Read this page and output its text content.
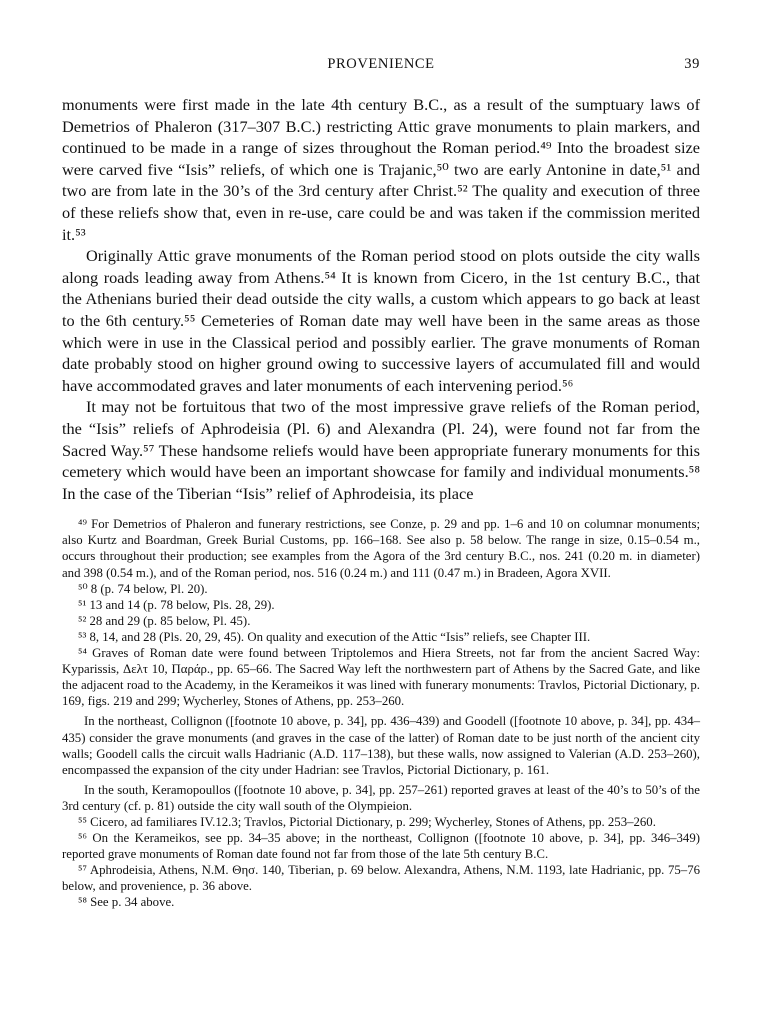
PROVENIENCE	39

monuments were first made in the late 4th century B.C., as a result of the sumptuary laws of Demetrios of Phaleron (317–307 B.C.) restricting Attic grave monuments to plain markers, and continued to be made in a range of sizes throughout the Roman period.⁴⁹ Into the broadest size were carved five “Isis” reliefs, of which one is Trajanic,⁵⁰ two are early Antonine in date,⁵¹ and two are from late in the 30’s of the 3rd century after Christ.⁵² The quality and execution of three of these reliefs show that, even in re-use, care could be and was taken if the commission merited it.⁵³

Originally Attic grave monuments of the Roman period stood on plots outside the city walls along roads leading away from Athens.⁵⁴ It is known from Cicero, in the 1st century B.C., that the Athenians buried their dead outside the city walls, a custom which appears to go back at least to the 6th century.⁵⁵ Cemeteries of Roman date may well have been in the same areas as those which were in use in the Classical period and possibly earlier. The grave monuments of Roman date probably stood on higher ground owing to successive layers of accumulated fill and would have accommodated graves and later monuments of each intervening period.⁵⁶

It may not be fortuitous that two of the most impressive grave reliefs of the Roman period, the “Isis” reliefs of Aphrodeisia (Pl. 6) and Alexandra (Pl. 24), were found not far from the Sacred Way.⁵⁷ These handsome reliefs would have been appropriate funerary monuments for this cemetery which would have been an important showcase for family and individual monuments.⁵⁸ In the case of the Tiberian “Isis” relief of Aphrodeisia, its place

⁴⁹ For Demetrios of Phaleron and funerary restrictions, see Conze, p. 29 and pp. 1–6 and 10 on columnar monuments; also Kurtz and Boardman, Greek Burial Customs, pp. 166–168. See also p. 58 below. The range in size, 0.15–0.54 m., occurs throughout their production; see examples from the Agora of the 3rd century B.C., nos. 241 (0.20 m. in diameter) and 398 (0.54 m.), and of the Roman period, nos. 516 (0.24 m.) and 111 (0.47 m.) in Bradeen, Agora XVII.

⁵⁰ 8 (p. 74 below, Pl. 20).

⁵¹ 13 and 14 (p. 78 below, Pls. 28, 29).

⁵² 28 and 29 (p. 85 below, Pl. 45).

⁵³ 8, 14, and 28 (Pls. 20, 29, 45). On quality and execution of the Attic “Isis” reliefs, see Chapter III.

⁵⁴ Graves of Roman date were found between Triptolemos and Hiera Streets, not far from the ancient Sacred Way: Kyparissis, Δελτ 10, Παράρ., pp. 65–66. The Sacred Way left the northwestern part of Athens by the Sacred Gate, and like the adjacent road to the Academy, in the Kerameikos it was lined with funerary monuments: Travlos, Pictorial Dictionary, p. 169, figs. 219 and 299; Wycherley, Stones of Athens, pp. 253–260.

In the northeast, Collignon ([footnote 10 above, p. 34], pp. 436–439) and Goodell ([footnote 10 above, p. 34], pp. 434–435) consider the grave monuments (and graves in the case of the latter) of Roman date to be just north of the ancient city walls; Goodell calls the circuit walls Hadrianic (A.D. 117–138), but these walls, now assigned to Valerian (A.D. 253–260), encompassed the expansion of the city under Hadrian: see Travlos, Pictorial Dictionary, p. 161.

In the south, Keramopoullos ([footnote 10 above, p. 34], pp. 257–261) reported graves at least of the 40’s to 50’s of the 3rd century (cf. p. 81) outside the city wall south of the Olympieion.

⁵⁵ Cicero, ad familiares IV.12.3; Travlos, Pictorial Dictionary, p. 299; Wycherley, Stones of Athens, pp. 253–260.

⁵⁶ On the Kerameikos, see pp. 34–35 above; in the northeast, Collignon ([footnote 10 above, p. 34], pp. 346–349) reported grave monuments of Roman date found not far from those of the late 5th century B.C.

⁵⁷ Aphrodeisia, Athens, N.M. Θησ. 140, Tiberian, p. 69 below. Alexandra, Athens, N.M. 1193, late Hadrianic, pp. 75–76 below, and provenience, p. 36 above.

⁵⁸ See p. 34 above.
